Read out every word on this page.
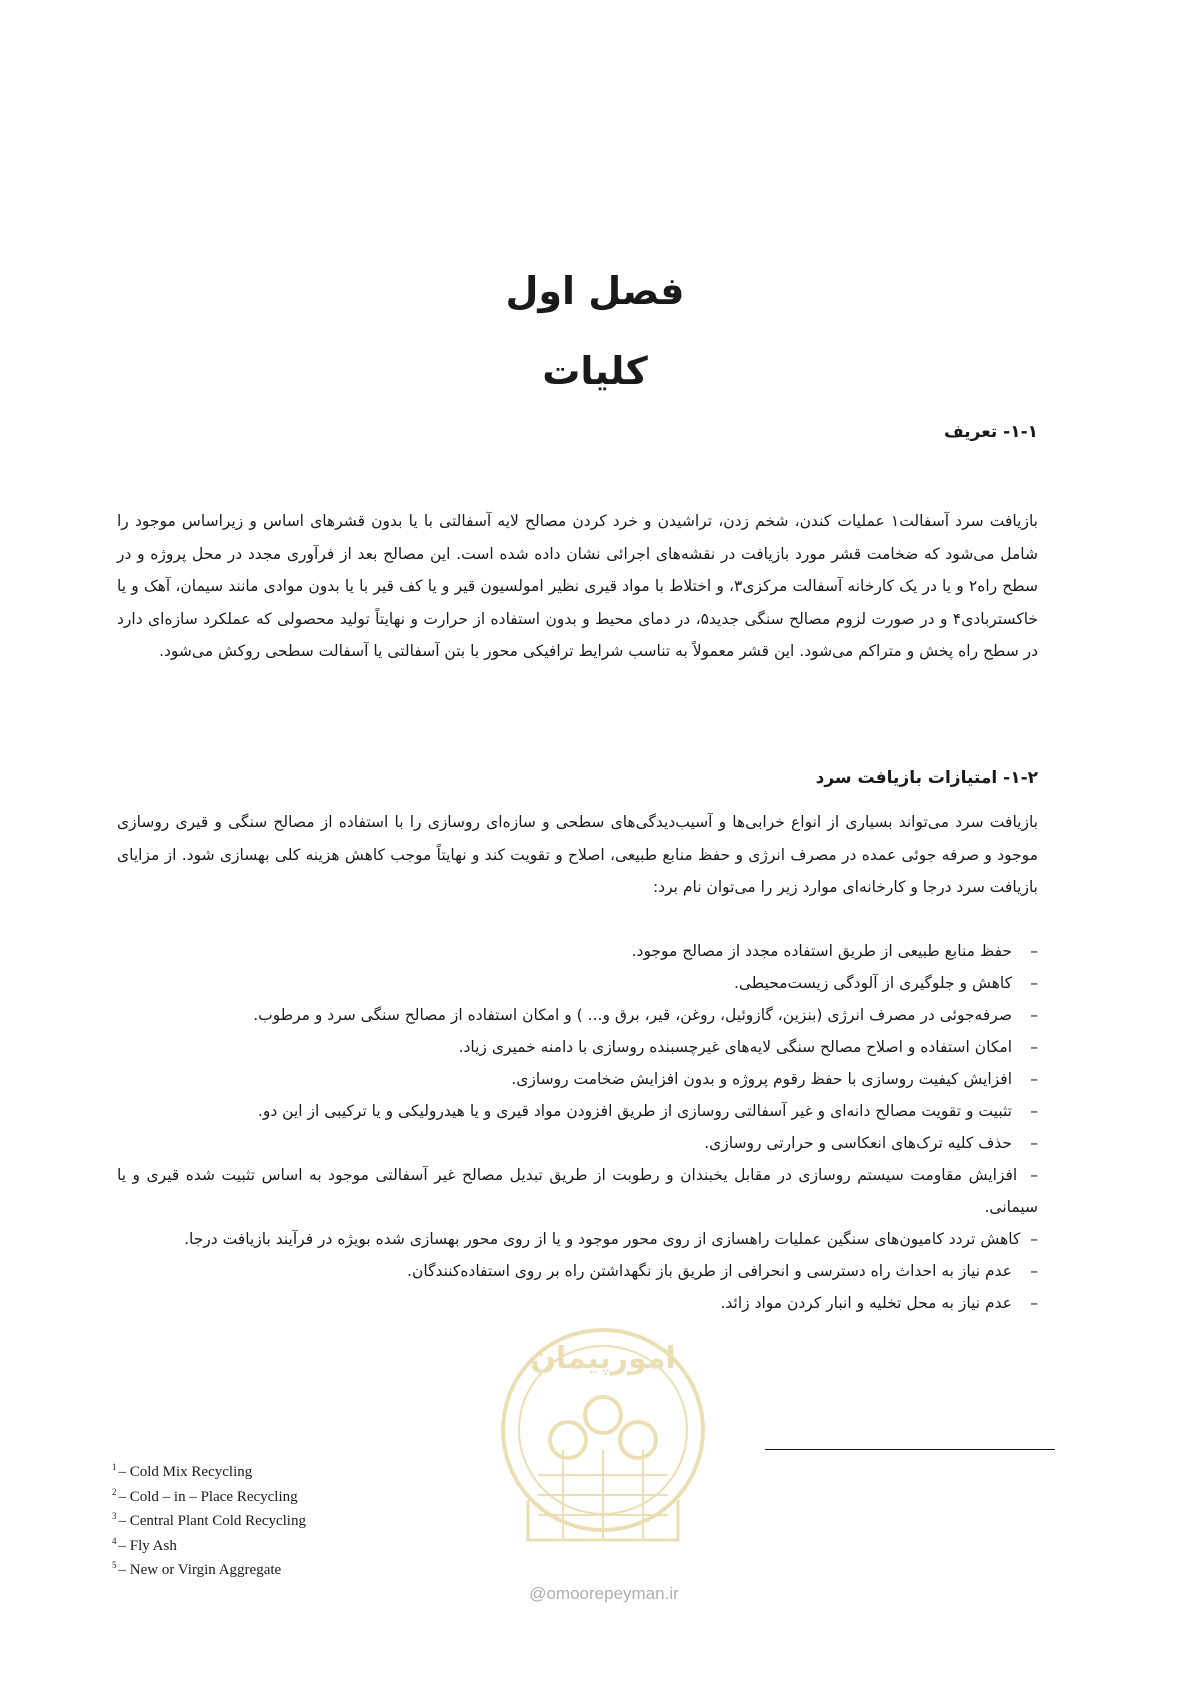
فصل اول
کلیات
۱-۱- تعریف
بازیافت سرد آسفالت۱ عملیات کندن، شخم زدن، تراشیدن و خرد کردن مصالح لایه آسفالتی با یا بدون قشرهای اساس و زیراساس موجود را شامل می‌شود که ضخامت قشر مورد بازیافت در نقشه‌های اجرائی نشان داده شده است. این مصالح بعد از فرآوری مجدد در محل پروژه و در سطح راه۲ و یا در یک کارخانه آسفالت مرکزی۳، و اختلاط با مواد قیری نظیر امولسیون قیر و یا کف قیر با یا بدون موادی مانند سیمان، آهک و یا خاکستربادی۴ و در صورت لزوم مصالح سنگی جدید۵، در دمای محیط و بدون استفاده از حرارت و نهایتاً تولید محصولی که عملکرد سازه‌ای دارد در سطح راه پخش و متراکم می‌شود. این قشر معمولاً به تناسب شرایط ترافیکی محور با بتن آسفالتی یا آسفالت سطحی روکش می‌شود.
۱-۲- امتیازات بازیافت سرد
بازیافت سرد می‌تواند بسیاری از انواع خرابی‌ها و آسیب‌دیدگی‌های سطحی و سازه‌ای روسازی را با استفاده از مصالح سنگی و قیری روسازی موجود و صرفه جوئی عمده در مصرف انرژی و حفظ منابع طبیعی، اصلاح و تقویت کند و نهایتاً موجب کاهش هزینه کلی بهسازی شود. از مزایای بازیافت سرد درجا و کارخانه‌ای موارد زیر را می‌توان نام برد:
–  حفظ منابع طبیعی از طریق استفاده مجدد از مصالح موجود.
–  کاهش و جلوگیری از آلودگی زیست‌محیطی.
–  صرفه‌جوئی در مصرف انرژی (بنزین، گازوئیل، روغن، قیر، برق و... ) و امکان استفاده از مصالح سنگی سرد و مرطوب.
–  امکان استفاده و اصلاح مصالح سنگی لایه‌های غیرچسبنده روسازی با دامنه خمیری زیاد.
–  افزایش کیفیت روسازی با حفظ رقوم پروژه و بدون افزایش ضخامت روسازی.
–  تثبیت و تقویت مصالح دانه‌ای و غیر آسفالتی روسازی از طریق افزودن مواد قیری و یا هیدرولیکی و یا ترکیبی از این دو.
–  حذف کلیه ترک‌های انعکاسی و حرارتی روسازی.
–  افزایش مقاومت سیستم روسازی در مقابل یخبندان و رطوبت از طریق تبدیل مصالح غیر آسفالتی موجود به اساس تثبیت شده قیری و یا سیمانی.
–  کاهش تردد کامیون‌های سنگین عملیات راهسازی از روی محور موجود و یا از روی محور بهسازی شده بویژه در فرآیند بازیافت درجا.
–  عدم نیاز به احداث راه دسترسی و انحرافی از طریق باز نگهداشتن راه بر روی استفاده‌کنندگان.
–  عدم نیاز به محل تخلیه و انبار کردن مواد زائد.
امورپیمان
@omoorepeyman.ir
$^1$ – Cold Mix Recycling
$^2$ – Cold – in – Place Recycling
$^3$ – Central Plant Cold Recycling
$^4$ – Fly Ash
$^5$ – New or Virgin Aggregate
